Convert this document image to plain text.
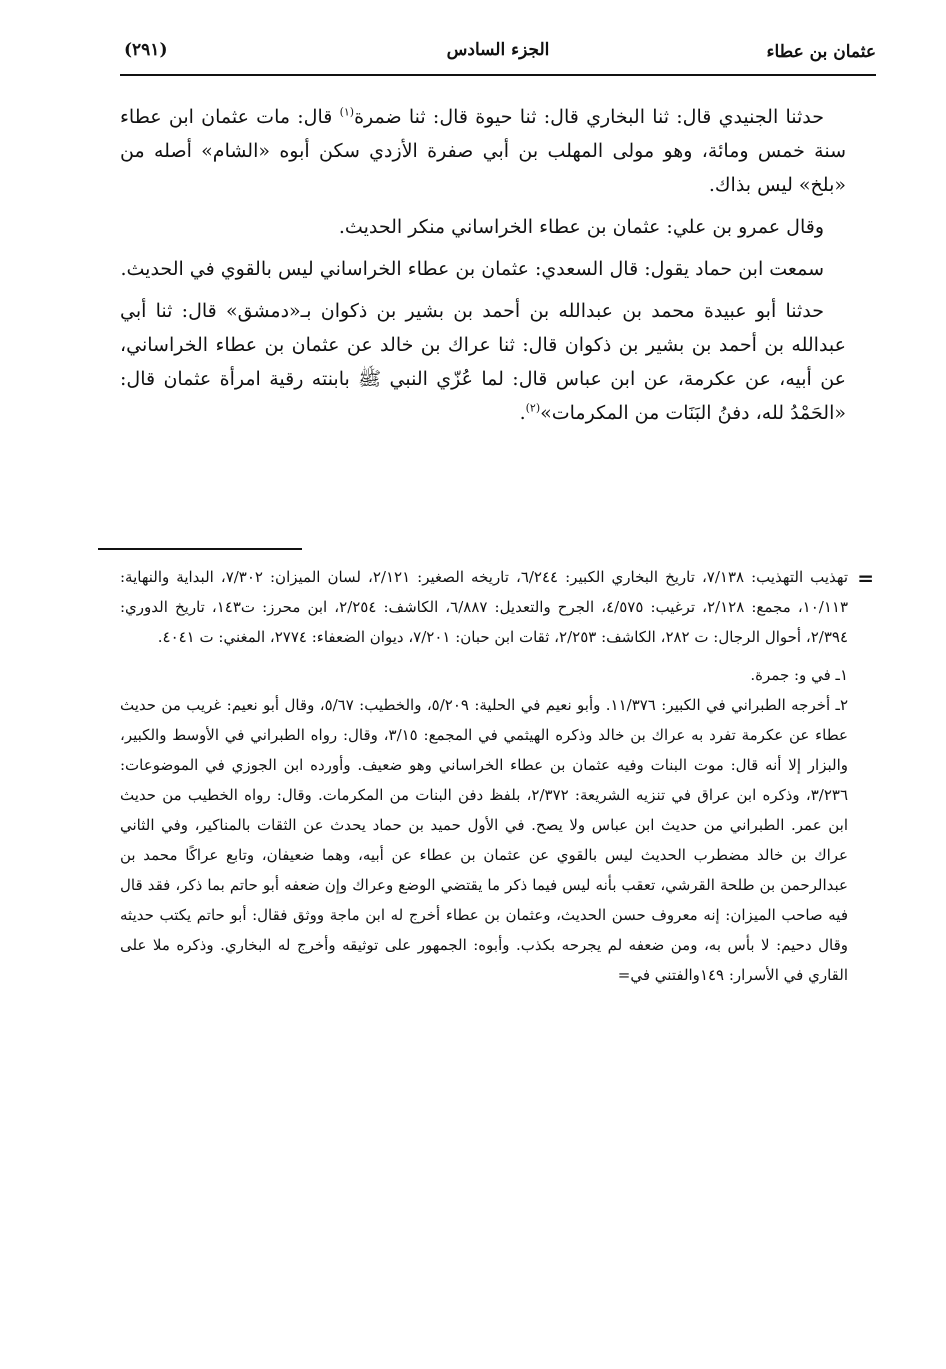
عثمان بن عطاء
الجزء السادس
(٢٩١)

حدثنا الجنيدي قال: ثنا البخاري قال: ثنا حيوة قال: ثنا ضمرة$^{(١)}$ قال: مات عثمان ابن عطاء سنة خمس ومائة، وهو مولى المهلب بن أبي صفرة الأزدي سكن أبوه «الشام» أصله من «بلخ» ليس بذاك.

وقال عمرو بن علي: عثمان بن عطاء الخراساني منكر الحديث.

سمعت ابن حماد يقول: قال السعدي: عثمان بن عطاء الخراساني ليس بالقوي في الحديث.

حدثنا أبو عبيدة محمد بن عبدالله بن أحمد بن بشير بن ذكوان بـ«دمشق» قال: ثنا أبي عبدالله بن أحمد بن بشير بن ذكوان قال: ثنا عراك بن خالد عن عثمان بن عطاء الخراساني، عن أبيه، عن عكرمة، عن ابن عباس قال: لما عُزّي النبي ﷺ بابنته رقية امرأة عثمان قال: «الحَمْدُ لله، دفنُ البَنَات من المكرمات»$^{(٢)}$.

=

تهذيب التهذيب: ٧/١٣٨، تاريخ البخاري الكبير: ٦/٢٤٤، تاريخه الصغير: ٢/١٢١، لسان الميزان: ٧/٣٠٢، البداية والنهاية: ١٠/١١٣، مجمع: ٢/١٢٨، ترغيب: ٤/٥٧٥، الجرح والتعديل: ٦/٨٨٧، الكاشف: ٢/٢٥٤، ابن محرز: ت١٤٣، تاريخ الدوري: ٢/٣٩٤، أحوال الرجال: ت ٢٨٢، الكاشف: ٢/٢٥٣، ثقات ابن حبان: ٧/٢٠١، ديوان الضعفاء: ٢٧٧٤، المغني: ت ٤٠٤١.

١ـ في و: جمرة.

٢ـ أخرجه الطبراني في الكبير: ١١/٣٧٦. وأبو نعيم في الحلية: ٥/٢٠٩، والخطيب: ٥/٦٧، وقال أبو نعيم: غريب من حديث عطاء عن عكرمة تفرد به عراك بن خالد وذكره الهيثمي في المجمع: ٣/١٥، وقال: رواه الطبراني في الأوسط والكبير، والبزار إلا أنه قال: موت البنات وفيه عثمان بن عطاء الخراساني وهو ضعيف. وأورده ابن الجوزي في الموضوعات: ٣/٢٣٦، وذكره ابن عراق في تنزيه الشريعة: ٢/٣٧٢، بلفظ دفن البنات من المكرمات. وقال: رواه الخطيب من حديث ابن عمر. الطبراني من حديث ابن عباس ولا يصح. في الأول حميد بن حماد يحدث عن الثقات بالمناكير، وفي الثاني عراك بن خالد مضطرب الحديث ليس بالقوي عن عثمان بن عطاء عن أبيه، وهما ضعيفان، وتابع عراكًا محمد بن عبدالرحمن بن طلحة القرشي، تعقب بأنه ليس فيما ذكر ما يقتضي الوضع وعراك وإن ضعفه أبو حاتم بما ذكر، فقد قال فيه صاحب الميزان: إنه معروف حسن الحديث، وعثمان بن عطاء أخرج له ابن ماجة ووثق فقال: أبو حاتم يكتب حديثه وقال دحيم: لا بأس به، ومن ضعفه لم يجرحه بكذب. وأبوه: الجمهور على توثيقه وأخرج له البخاري. وذكره ملا على القاري في الأسرار: ١٤٩والفتني في=
